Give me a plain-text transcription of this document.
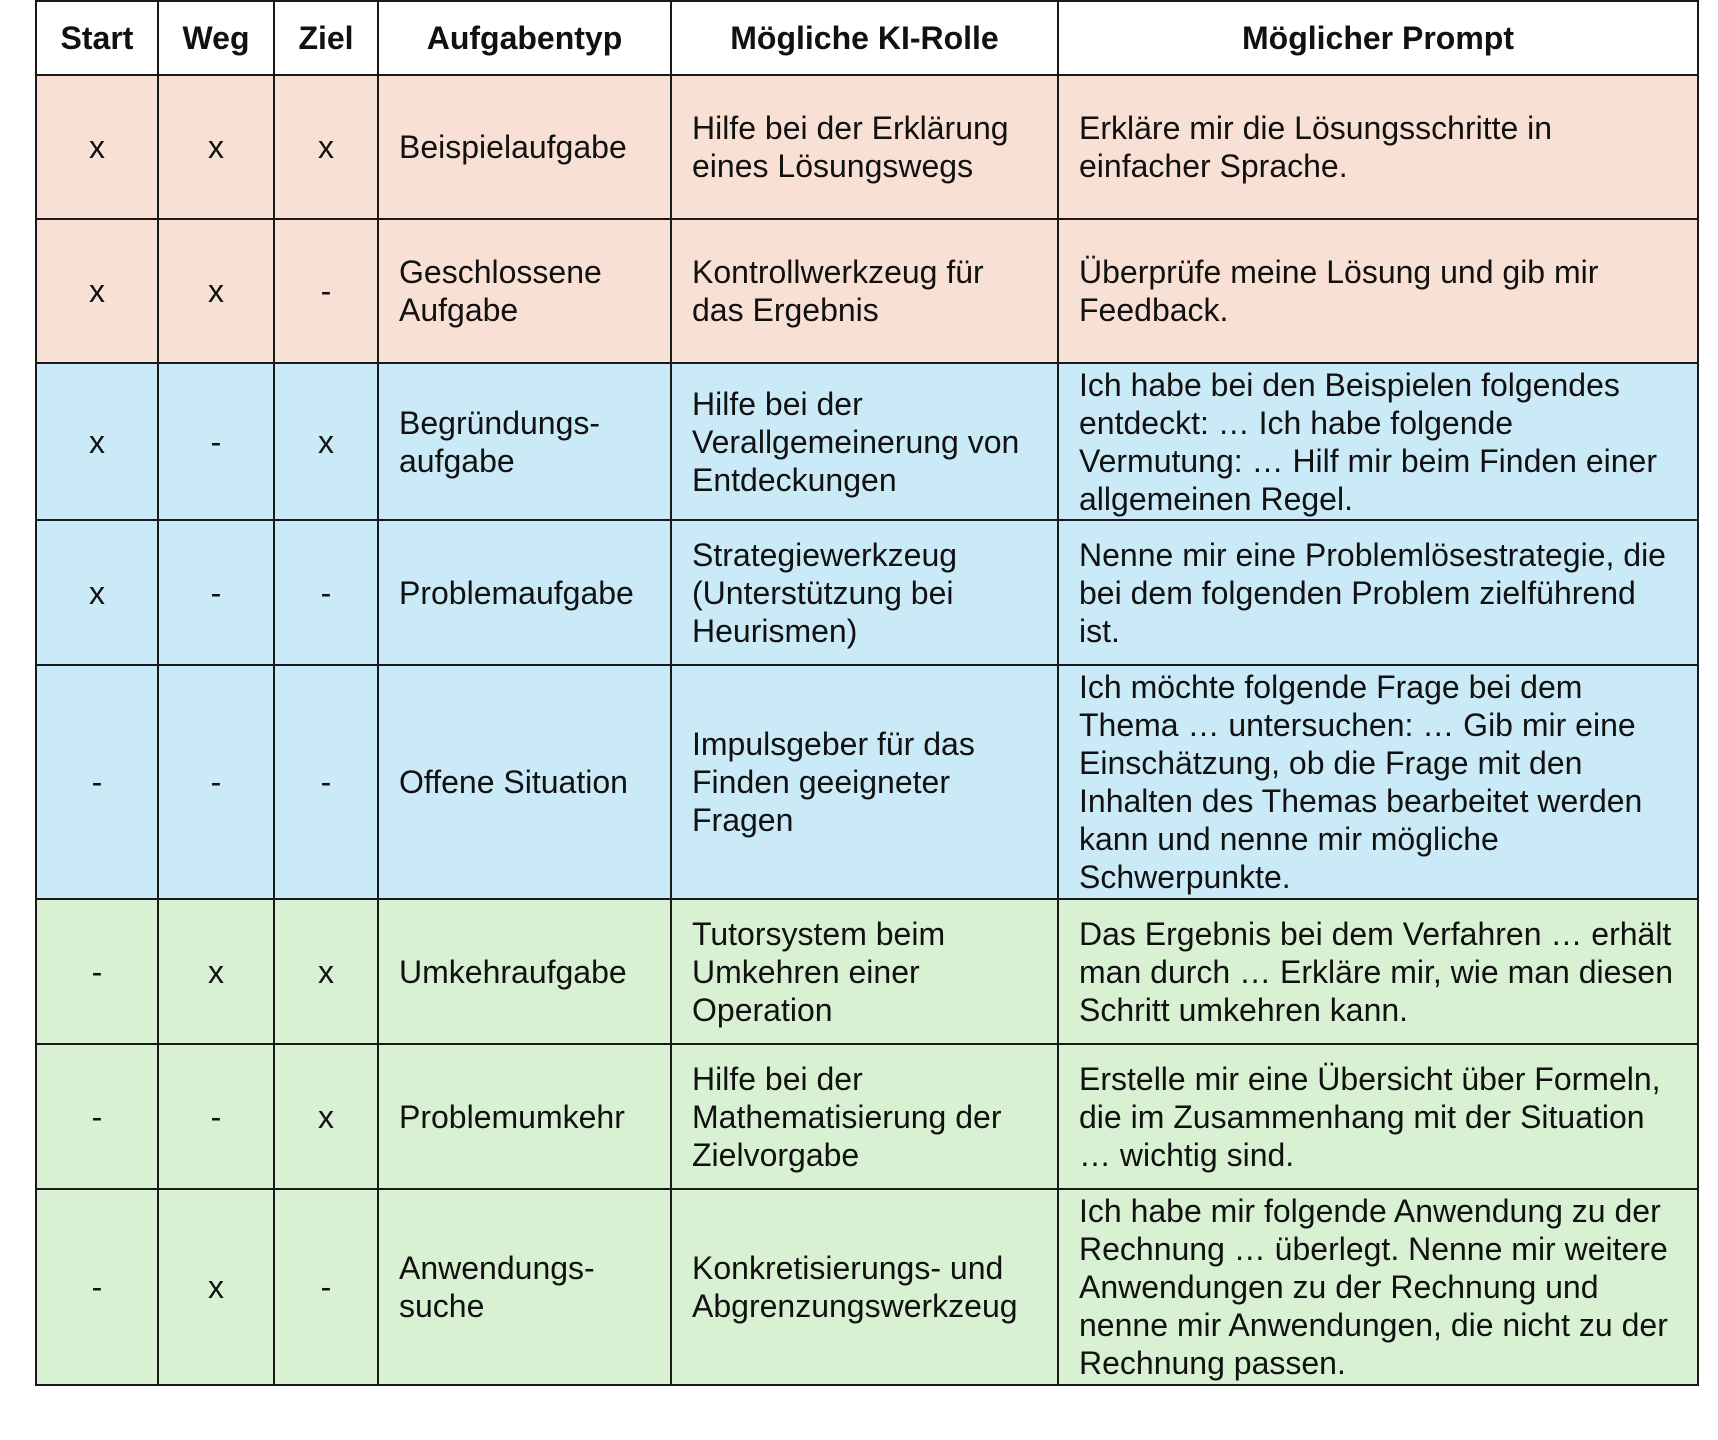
Start	Weg	Ziel	Aufgabentyp	Mögliche KI-Rolle	Möglicher Prompt
x	x	x	Beispielaufgabe	Hilfe bei der Erklärung eines Lösungswegs	Erkläre mir die Lösungsschritte in einfacher Sprache.
x	x	-	Geschlossene Aufgabe	Kontrollwerkzeug für das Ergebnis	Überprüfe meine Lösung und gib mir Feedback.
x	-	x	Begründungs-aufgabe	Hilfe bei der Verallgemeinerung von Entdeckungen	Ich habe bei den Beispielen folgendes entdeckt: … Ich habe folgende Vermutung: … Hilf mir beim Finden einer allgemeinen Regel.
x	-	-	Problemaufgabe	Strategiewerkzeug (Unterstützung bei Heurismen)	Nenne mir eine Problemlösestrategie, die bei dem folgenden Problem zielführend ist.
-	-	-	Offene Situation	Impulsgeber für das Finden geeigneter Fragen	Ich möchte folgende Frage bei dem Thema … untersuchen: … Gib mir eine Einschätzung, ob die Frage mit den Inhalten des Themas bearbeitet werden kann und nenne mir mögliche Schwerpunkte.
-	x	x	Umkehraufgabe	Tutorsystem beim Umkehren einer Operation	Das Ergebnis bei dem Verfahren … erhält man durch … Erkläre mir, wie man diesen Schritt umkehren kann.
-	-	x	Problemumkehr	Hilfe bei der Mathematisierung der Zielvorgabe	Erstelle mir eine Übersicht über Formeln, die im Zusammenhang mit der Situation … wichtig sind.
-	x	-	Anwendungs-suche	Konkretisierungs- und Abgrenzungswerkzeug	Ich habe mir folgende Anwendung zu der Rechnung … überlegt. Nenne mir weitere Anwendungen zu der Rechnung und nenne mir Anwendungen, die nicht zu der Rechnung passen.
